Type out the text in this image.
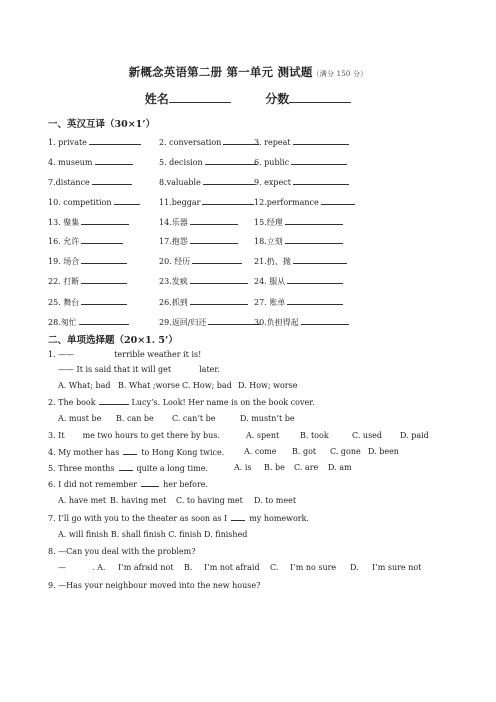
新概念英语第二册 第一单元 测试题（满分 150 分）
姓名	分数
一、英汉互译（30×1’）
1. private	2. conversation	3. repeat
4. museum	5. decision	6. public
7.distance	8.valuable	9. expect
10. competition	11.beggar	12.performance
13. 聚集	14.乐器	15.经理
16. 允许	17.抱怨	18.立刻
19. 场合	20. 经历	21.扔、抛
22. 打断	23.发疯	24. 服从
25. 舞台	26.抓到	27. 账单
28.匆忙	29.返回/归还	30.负担得起
二、单项选择题（20×1. 5’）
1. ——	terrible weather it is!
—— It is said that it will get	later.
A. What; bad B. What ;worse C. How; bad D. How; worse
2. The book	Lucy’s. Look! Her name is on the book cover.
A. must be B. can be C. can’t be	D. mustn’t be
3. It me two hours to get there by bus.	A. spent	B. took	C. used D. paid
4. My mother has	to Hong Kong twice. A. come B. got C. gone D. been
5. Three months	quite a long time.	A. is B. be C. are D. am
6. I did not remember	her before.
A. have met B. having met C. to having met D. to meet
7. I’ll go with you to the theater as soon as I	my homework.
A. will finish B. shall finish C. finish D. finished
8. —Can you deal with the problem?
—	. A. I’m afraid not B. I’m not afraid C. I’m no sure D. I’m sure not
9. —Has your neighbour moved into the new house?
